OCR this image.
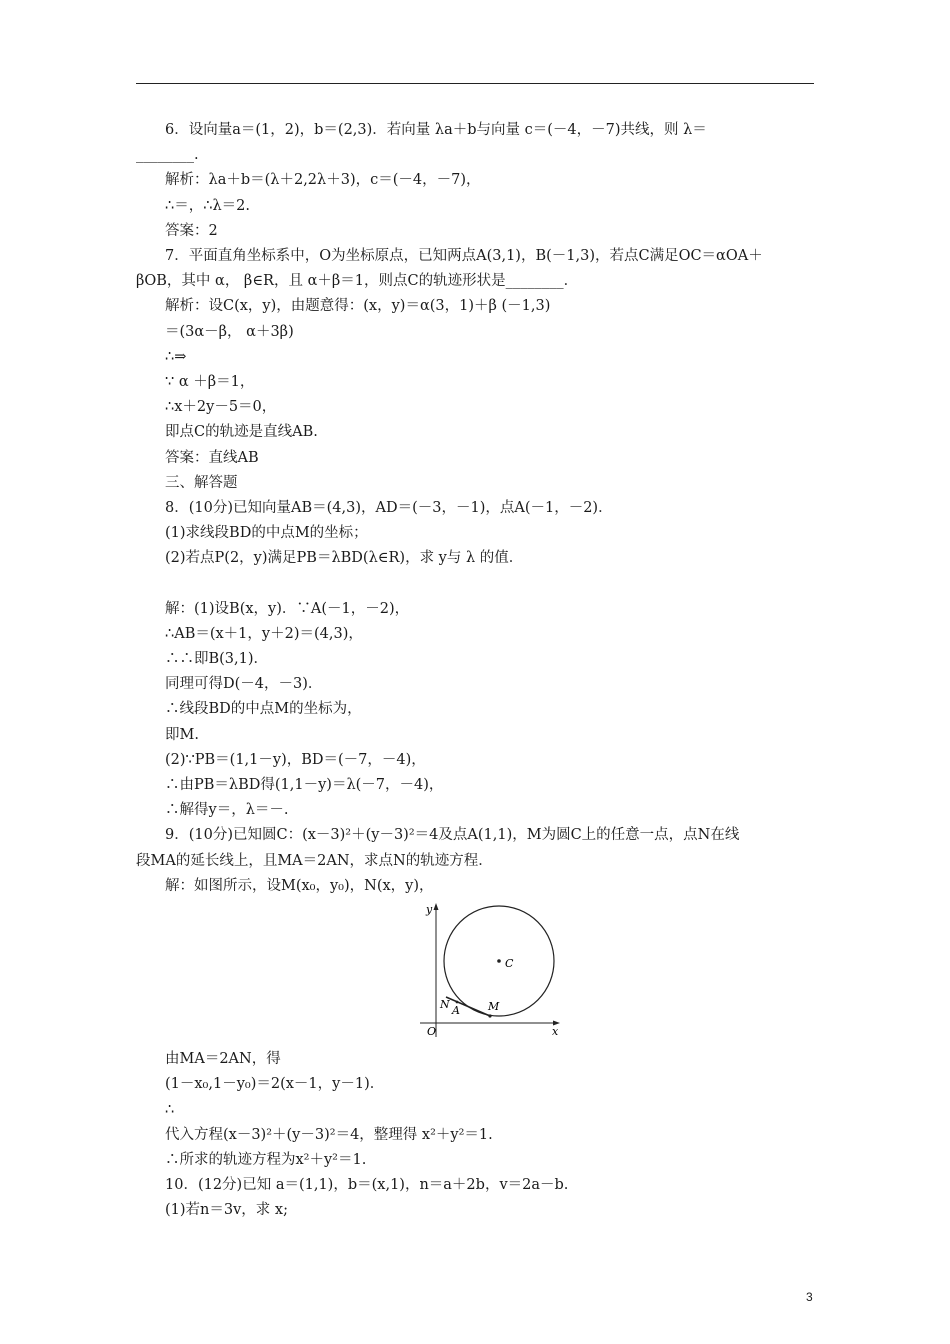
6．设向量a＝(1，2)，b＝(2,3)．若向量 λa＋b与向量 c＝(－4，－7)共线，则 λ＝
________.
解析：λa＋b＝(λ＋2,2λ＋3)，c＝(－4，－7)，
∴＝，∴λ＝2.
答案：2
7．平面直角坐标系中，O为坐标原点，已知两点A(3,1)，B(－1,3)，若点C满足OC＝αOA＋
βOB，其中 α， β∈R，且 α＋β＝1，则点C的轨迹形状是________．
解析：设C(x，y)，由题意得：(x，y)＝α(3，1)＋β (－1,3)
＝(3α－β， α＋3β)
∴⇒
∵ α ＋β＝1，
∴x＋2y－5＝0，
即点C的轨迹是直线AB.
答案：直线AB
三、解答题
8．(10分)已知向量AB＝(4,3)，AD＝(－3，－1)，点A(－1，－2)．
(1)求线段BD的中点M的坐标；
(2)若点P(2，y)满足PB＝λBD(λ∈R)，求 y与 λ 的值．
解：(1)设B(x，y)．∵A(－1，－2)，
∴AB＝(x＋1，y＋2)＝(4,3)，
∴∴即B(3,1)．
同理可得D(－4，－3)．
∴线段BD的中点M的坐标为，
即M.
(2)∵PB＝(1,1－y)，BD＝(－7，－4)，
∴由PB＝λBD得(1,1－y)＝λ(－7，－4)，
∴解得y＝，λ＝－.
9．(10分)已知圆C：(x－3)²＋(y－3)²＝4及点A(1,1)，M为圆C上的任意一点，点N在线
段MA的延长线上，且MA＝2AN，求点N的轨迹方程．
解：如图所示，设M(x₀，y₀)，N(x，y)，
y
x
O
C
N A	M
由MA＝2AN，得
(1－x₀,1－y₀)＝2(x－1，y－1)．
∴
代入方程(x－3)²＋(y－3)²＝4，整理得 x²＋y²＝1.
∴所求的轨迹方程为x²＋y²＝1.
10．(12分)已知 a＝(1,1)，b＝(x,1)，n＝a＋2b，v＝2a－b.
(1)若n＝3v，求 x;
3
